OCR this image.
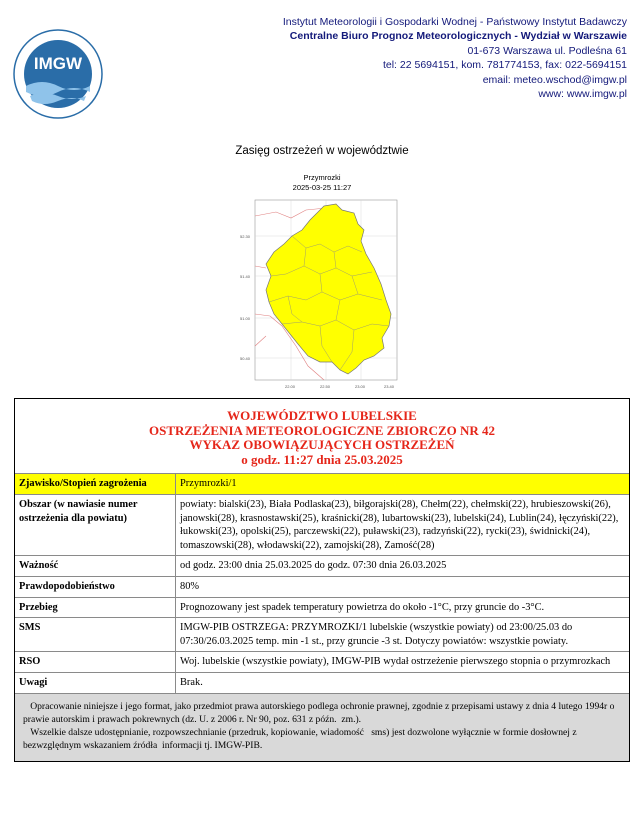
IMGW
Instytut Meteorologii i Gospodarki Wodnej - Państwowy Instytut Badawczy
Centralne Biuro Prognoz Meteorologicznych - Wydział w Warszawie
01-673 Warszawa ul. Podleśna 61
tel: 22 5694151, kom. 781774153, fax: 022-5694151
email: meteo.wschod@imgw.pl
www: www.imgw.pl
Zasięg ostrzeżeń w województwie
Przymrozki
2025-03-25 11:27
52.30
51.40
51.00
50.40
22.00	22.50	23.00	23.40
WOJEWÓDZTWO LUBELSKIE
OSTRZEŻENIA METEOROLOGICZNE ZBIORCZO NR 42
WYKAZ OBOWIĄZUJĄCYCH OSTRZEŻEŃ
o godz. 11:27 dnia 25.03.2025
Zjawisko/Stopień zagrożenia	Przymrozki/1
Obszar (w nawiasie numer ostrzeżenia dla powiatu)	powiaty: bialski(23), Biała Podlaska(23), biłgorajski(28), Chełm(22), chełmski(22), hrubieszowski(26), janowski(28), krasnostawski(25), kraśnicki(28), lubartowski(23), lubelski(24), Lublin(24), łęczyński(22), łukowski(23), opolski(25), parczewski(22), puławski(23), radzyński(22), rycki(23), świdnicki(24), tomaszowski(28), włodawski(22), zamojski(28), Zamość(28)
Ważność	od godz. 23:00 dnia 25.03.2025 do godz. 07:30 dnia 26.03.2025
Prawdopodobieństwo	80%
Przebieg	Prognozowany jest spadek temperatury powietrza do około -1°C, przy gruncie do -3°C.
SMS	IMGW-PIB OSTRZEGA: PRZYMROZKI/1 lubelskie (wszystkie powiaty) od 23:00/25.03 do 07:30/26.03.2025 temp. min -1 st., przy gruncie -3 st. Dotyczy powiatów: wszystkie powiaty.
RSO	Woj. lubelskie (wszystkie powiaty), IMGW-PIB wydał ostrzeżenie pierwszego stopnia o przymrozkach
Uwagi	Brak.

Opracowanie niniejsze i jego format, jako przedmiot prawa autorskiego podlega ochronie prawnej, zgodnie z przepisami ustawy z dnia 4 lutego 1994r o prawie autorskim i prawach pokrewnych (dz. U. z 2006 r. Nr 90, poz. 631 z późn.  zm.).

Wszelkie dalsze udostępnianie, rozpowszechnianie (przedruk, kopiowanie, wiadomość   sms) jest dozwolone wyłącznie w formie dosłownej z bezwzględnym wskazaniem źródła  informacji tj. IMGW-PIB.
